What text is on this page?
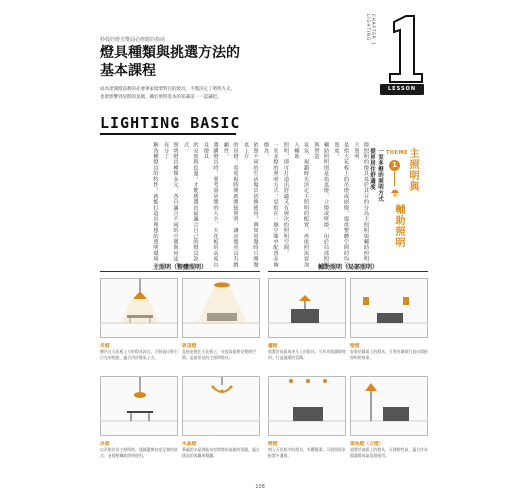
秒殺的燈光雙面必修應的指南	CHAPTER 1 LIGHTING
LESSON
燈具種類與挑選方法的
基本課程
成為達開燈前務的必要專家燈要對目的燈具，不僅決定了照明方式，
也會影響到房間的氛圍，關於照明基本的知識第一一認識吧。
LIGHTING BASIC
燈照明的燈具基於其目的分為主照明與輔助照明，主照明
是指天花板上的吊燈或嵌燈，提供整體空間的均勻照度，
輔助照明則是指桌燈、立燈或壁燈，用於局部照明與營造
氣氛。規劃時先決定主照明的配置，再依照需要加入輔助
照明，即可打造出舒適又有層次的照明空間。
一室多燈的照明方式，是指在一個空間中配置多個燈具，
依照不同的生活場景切換使用，例如用餐時只開餐桌上方
的吊燈，看電視時開啟間接照明，讓房間更具有戲劇性，
選購燈具時，要考量房間的大小、天花板的高度以及燈具
的亮度與色溫，才能挑選出最適合自己的燈具款式。
照明燈具種類多元，各自適合不同的空間與用途，充分了
解各種燈具的特性，就能打造出理想的照明環境。	THEME
1	主照明與
輔助照明
一室多燈的照明方式
提昇居住舒適度
主照明（整體照明）	輔助照明（局部照明）
吊燈
懸吊在天花板上方的燈具款式，可營造出吸引目光的焦點，適合用於餐桌上方。
吸頂燈
直接安裝在天花板上，亮度高能照亮整個空間，是最常見的主照明燈具。
檯燈
放置於桌面或茶几上的燈具，可作為閱讀燈使用，打造溫暖的氛圍。
壁燈
安裝於牆面上的燈具，可照亮牆面打造出間接照明的效果。
吊燈
以吊燈作為主照明時，建議選擇亮度足夠的款式，並搭配輔助照明使用。
水晶燈
華麗的水晶燈能為房間增添高雅的氛圍，適合挑高的客廳或餐廳。
筒燈
埋入天花板中的燈具，外觀簡潔，可依照需求配置多盞燈。
落地燈（立燈）
放置於地面上的燈具，可移動性高，適合作為閱讀燈或氣氛燈使用。
108
